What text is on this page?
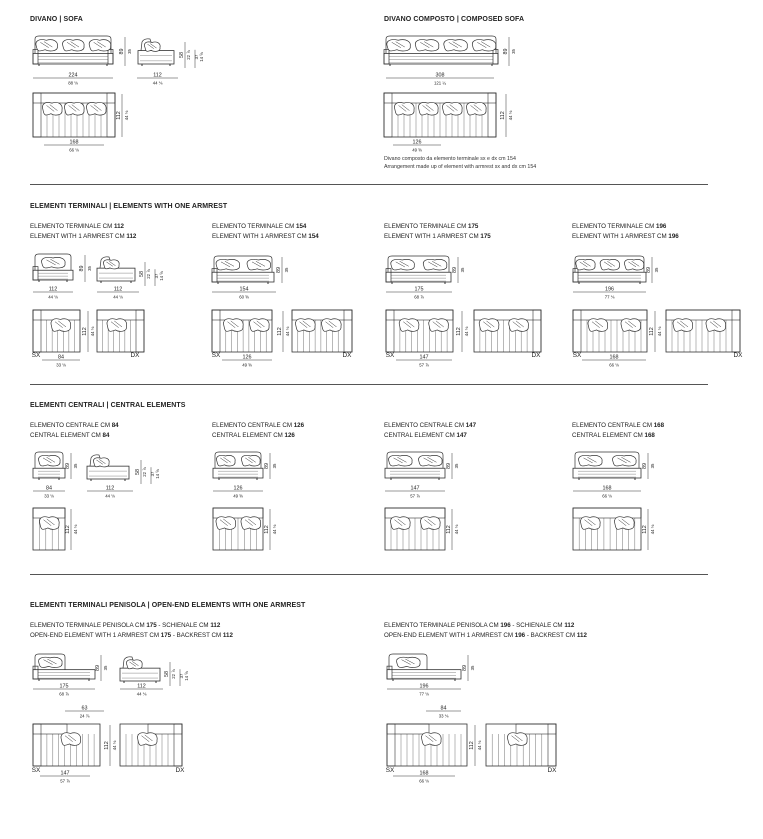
DIVANO | SOFA	DIVANO COMPOSTO | COMPOSED SOFA
Divano composto da elemento terminale sx e dx cm 154
Arrangement made up of element with armrest sx and dx cm 154
ELEMENTI TERMINALI | ELEMENTS WITH ONE ARMREST
ELEMENTO TERMINALE CM 112
ELEMENT WITH 1 ARMREST CM 112
ELEMENTO TERMINALE CM 154
ELEMENT WITH 1 ARMREST CM 154
ELEMENTO TERMINALE CM 175
ELEMENT WITH 1 ARMREST CM 175
ELEMENTO TERMINALE CM 196
ELEMENT WITH 1 ARMREST CM 196
ELEMENTI CENTRALI | CENTRAL ELEMENTS
ELEMENTO CENTRALE CM 84
CENTRAL ELEMENT CM 84
ELEMENTO CENTRALE CM 126
CENTRAL ELEMENT CM 126
ELEMENTO CENTRALE CM 147
CENTRAL ELEMENT CM 147
ELEMENTO CENTRALE CM 168
CENTRAL ELEMENT CM 168
ELEMENTI TERMINALI PENISOLA | OPEN-END ELEMENTS WITH ONE ARMREST
ELEMENTO TERMINALE PENISOLA CM 175 - SCHIENALE CM 112
OPEN-END ELEMENT WITH 1 ARMREST CM 175 - BACKREST CM 112
ELEMENTO TERMINALE PENISOLA CM 196 - SCHIENALE CM 112
OPEN-END ELEMENT WITH 1 ARMREST CM 196 - BACKREST CM 112
224
88 ⅛
89 35
112
44 ⅛
58 22 ⅞ 37 14 ⅝
112 44 ⅛
168
66 ⅛
308
121 ¼
89 35
112 44 ⅛
126
49 ⅝
112
44 ⅛
89 35
112
44 ⅛
58 22 ⅞ 37 14 ⅝
112 44 ⅛
SX	DX
84
33 ⅛
154
60 ⅝
89 35
112 44 ⅛
SX	DX
126
49 ⅝
175
68 ⅞
89 35
112 44 ⅛
SX	DX
147
57 ⅞
196
77 ⅛
89 35
112 44 ⅛
SX	DX
168
66 ⅛
84
33 ⅛
89 35
112
44 ⅛
58 22 ⅞ 37 14 ⅝
112 44 ⅛
126
49 ⅝
89 35
112 44 ⅛
147
57 ⅞
89 35
112 44 ⅛
168
66 ⅛
89 35
112 44 ⅛
175
68 ⅞
89 35
112
44 ⅛
58 22 ⅞ 37 14 ⅝
63
24 ⅞
112 44 ⅛
SX	DX
147
57 ⅞
196
77 ⅛
89 35
84
33 ⅛
112 44 ⅛
SX	DX
168
66 ⅛
